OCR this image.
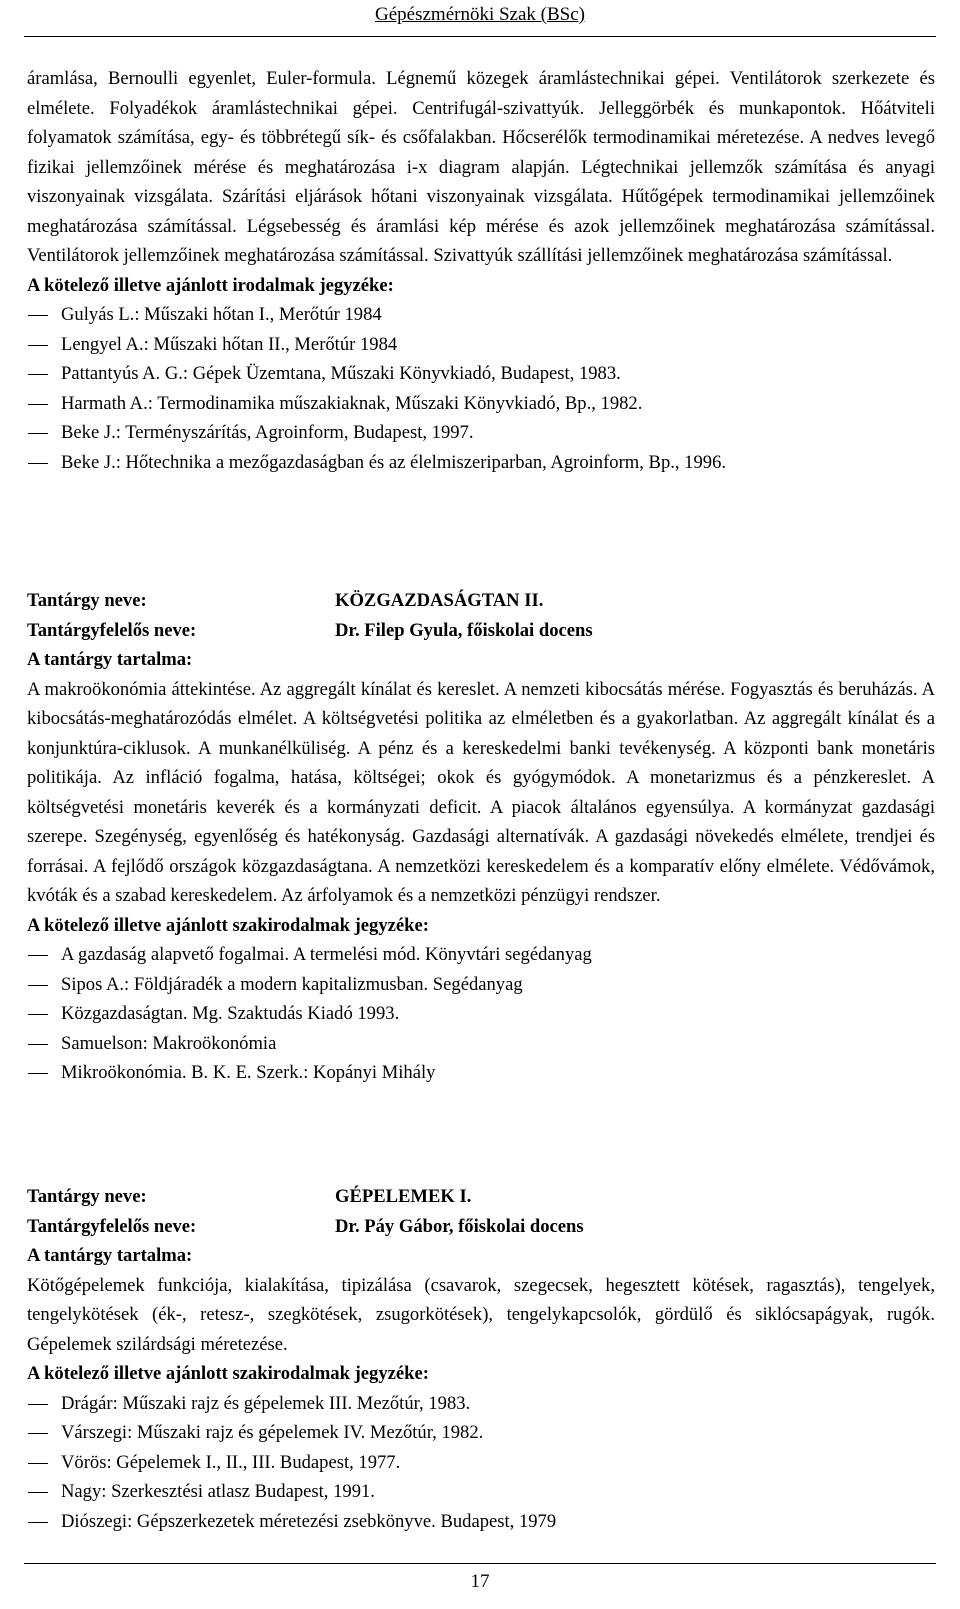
Gépészmérnöki Szak (BSc)

áramlása, Bernoulli egyenlet, Euler-formula. Légnemű közegek áramlástechnikai gépei. Ventilátorok szerkezete és elmélete. Folyadékok áramlástechnikai gépei. Centrifugál-szivattyúk. Jelleggörbék és munkapontok. Hőátviteli folyamatok számítása, egy- és többrétegű sík- és csőfalakban. Hőcserélők termodinamikai méretezése. A nedves levegő fizikai jellemzőinek mérése és meghatározása i-x diagram alapján. Légtechnikai jellemzők számítása és anyagi viszonyainak vizsgálata. Szárítási eljárások hőtani viszonyainak vizsgálata. Hűtőgépek termodinamikai jellemzőinek meghatározása számítással. Légsebesség és áramlási kép mérése és azok jellemzőinek meghatározása számítással. Ventilátorok jellemzőinek meghatározása számítással. Szivattyúk szállítási jellemzőinek meghatározása számítással.

A kötelező illetve ajánlott irodalmak jegyzéke:
Gulyás L.: Műszaki hőtan I., Merőtúr 1984
Lengyel A.: Műszaki hőtan II., Merőtúr 1984
Pattantyús A. G.: Gépek Üzemtana, Műszaki Könyvkiadó, Budapest, 1983.
Harmath A.: Termodinamika műszakiaknak, Műszaki Könyvkiadó, Bp., 1982.
Beke J.: Terményszárítás, Agroinform, Budapest, 1997.
Beke J.: Hőtechnika a mezőgazdaságban és az élelmiszeriparban, Agroinform, Bp., 1996.
Tantárgy neve:	KÖZGAZDASÁGTAN II.
Tantárgyfelelős neve:	Dr. Filep Gyula, főiskolai docens
A tantárgy tartalma:

A makroökonómia áttekintése. Az aggregált kínálat és kereslet. A nemzeti kibocsátás mérése. Fogyasztás és beruházás. A kibocsátás-meghatározódás elmélet. A költségvetési politika az elméletben és a gyakorlatban. Az aggregált kínálat és a konjunktúra-ciklusok. A munkanélküliség. A pénz és a kereskedelmi banki tevékenység. A központi bank monetáris politikája. Az infláció fogalma, hatása, költségei; okok és gyógymódok. A monetarizmus és a pénzkereslet. A költségvetési monetáris keverék és a kormányzati deficit. A piacok általános egyensúlya. A kormányzat gazdasági szerepe. Szegénység, egyenlőség és hatékonyság. Gazdasági alternatívák. A gazdasági növekedés elmélete, trendjei és forrásai. A fejlődő országok közgazdaságtana. A nemzetközi kereskedelem és a komparatív előny elmélete. Védővámok, kvóták és a szabad kereskedelem. Az árfolyamok és a nemzetközi pénzügyi rendszer.

A kötelező illetve ajánlott szakirodalmak jegyzéke:
A gazdaság alapvető fogalmai. A termelési mód. Könyvtári segédanyag
Sipos A.: Földjáradék a modern kapitalizmusban. Segédanyag
Közgazdaságtan. Mg. Szaktudás Kiadó 1993.
Samuelson: Makroökonómia
Mikroökonómia. B. K. E. Szerk.: Kopányi Mihály
Tantárgy neve:	GÉPELEMEK I.
Tantárgyfelelős neve:	Dr. Páy Gábor, főiskolai docens
A tantárgy tartalma:

Kötőgépelemek funkciója, kialakítása, tipizálása (csavarok, szegecsek, hegesztett kötések, ragasztás), tengelyek, tengelykötések (ék-, retesz-, szegkötések, zsugorkötések), tengelykapcsolók, gördülő és siklócsapágyak, rugók. Gépelemek szilárdsági méretezése.

A kötelező illetve ajánlott szakirodalmak jegyzéke:
Drágár: Műszaki rajz és gépelemek III. Mezőtúr, 1983.
Várszegi: Műszaki rajz és gépelemek IV. Mezőtúr, 1982.
Vörös: Gépelemek I., II., III. Budapest, 1977.
Nagy: Szerkesztési atlasz Budapest, 1991.
Diószegi: Gépszerkezetek méretezési zsebkönyve. Budapest, 1979
17
